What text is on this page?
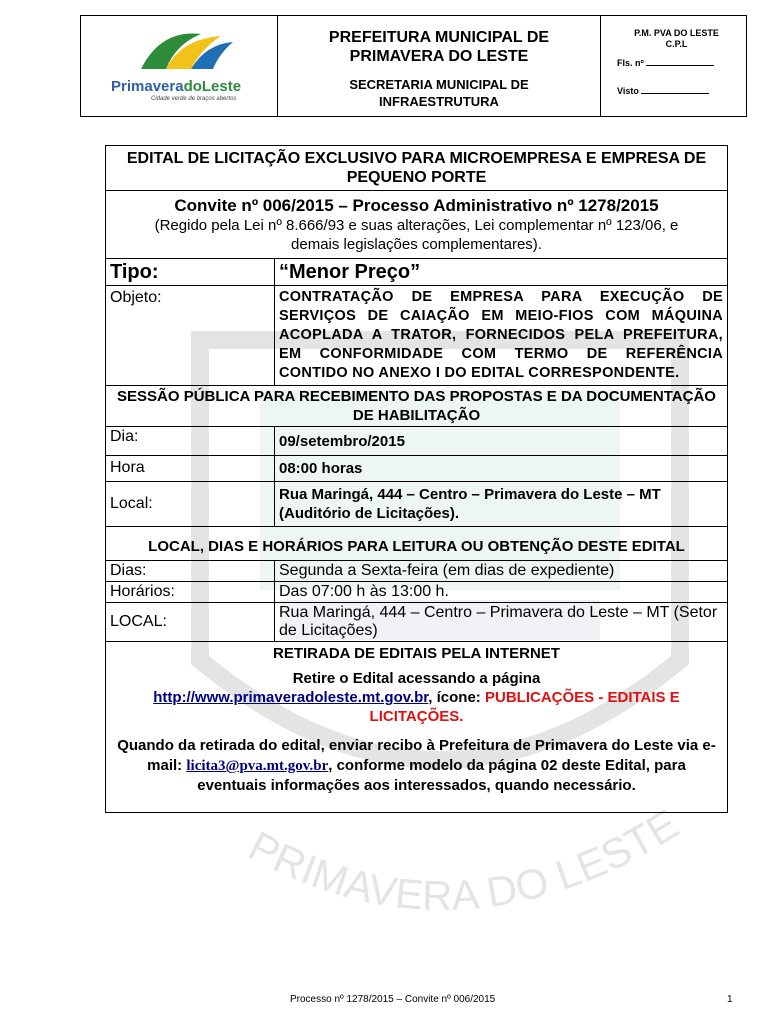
PRIMAVERA DO LESTE
PrimaveradoLeste
Cidade verde de braços abertos
PREFEITURA MUNICIPAL DE
PRIMAVERA DO LESTE
SECRETARIA MUNICIPAL DE
INFRAESTRUTURA
P.M. PVA DO LESTE
C.P.L
Fls. nº
Visto
EDITAL DE LICITAÇÃO EXCLUSIVO PARA MICROEMPRESA E EMPRESA DE PEQUENO PORTE	

Convite nº 006/2015 – Processo Administrativo nº 1278/2015
(Regido pela Lei nº 8.666/93 e suas alterações, Lei complementar nº 123/06, e demais legislações complementares).	

Tipo:	“Menor Preço”
Objeto:	CONTRATAÇÃO DE EMPRESA PARA EXECUÇÃO DE SERVIÇOS DE CAIAÇÃO EM MEIO-FIOS COM MÁQUINA ACOPLADA A TRATOR, FORNECIDOS PELA PREFEITURA, EM CONFORMIDADE COM TERMO DE REFERÊNCIA CONTIDO NO ANEXO I DO EDITAL CORRESPONDENTE.
SESSÃO PÚBLICA PARA RECEBIMENTO DAS PROPOSTAS E DA DOCUMENTAÇÃO DE HABILITAÇÃO	
Dia:	09/setembro/2015
Hora	08:00 horas
Local:	Rua Maringá, 444 – Centro – Primavera do Leste – MT (Auditório de Licitações).
LOCAL, DIAS E HORÁRIOS PARA LEITURA OU OBTENÇÃO DESTE EDITAL	
Dias:	Segunda a Sexta-feira (em dias de expediente)
Horários:	Das 07:00 h às 13:00 h.
LOCAL:	Rua Maringá, 444 – Centro – Primavera do Leste – MT (Setor de Licitações)

RETIRADA DE EDITAIS PELA INTERNET
Retire o Edital acessando a página
http://www.primaveradoleste.mt.gov.br, ícone: PUBLICAÇÕES - EDITAIS E LICITAÇÕES.
Quando da retirada do edital, enviar recibo à Prefeitura de Primavera do Leste via e-mail: licita3@pva.mt.gov.br, conforme modelo da página 02 deste Edital, para eventuais informações aos interessados, quando necessário.	
Processo nº 1278/2015 – Convite nº 006/2015	1
